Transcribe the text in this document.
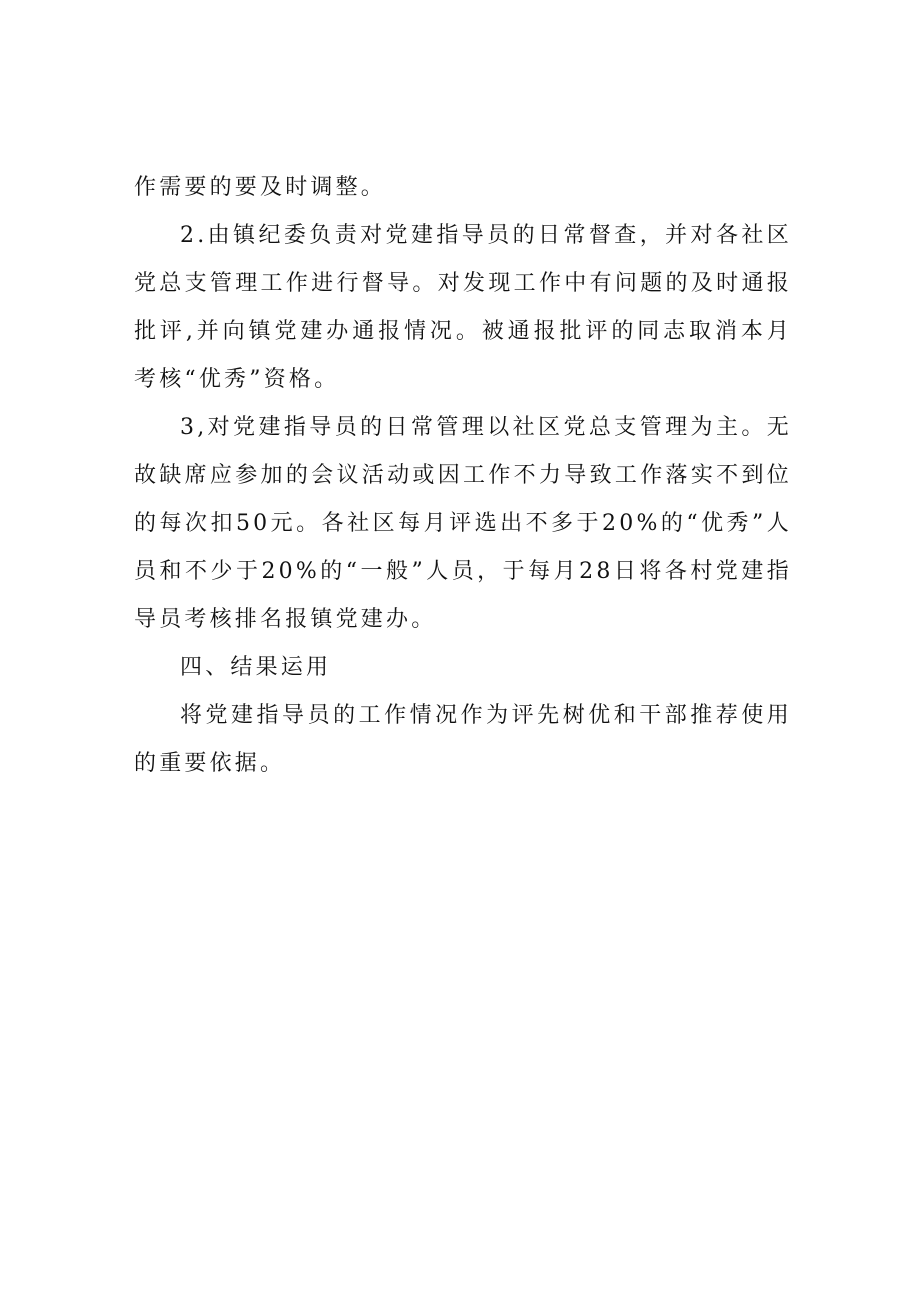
作需要的要及时调整。

2.由镇纪委负责对党建指导员的日常督查，并对各社区党总支管理工作进行督导。对发现工作中有问题的及时通报批评,并向镇党建办通报情况。被通报批评的同志取消本月考核“优秀”资格。

3,对党建指导员的日常管理以社区党总支管理为主。无故缺席应参加的会议活动或因工作不力导致工作落实不到位的每次扣50元。各社区每月评选出不多于20%的“优秀”人员和不少于20%的“一般”人员，于每月28日将各村党建指导员考核排名报镇党建办。

四、结果运用

将党建指导员的工作情况作为评先树优和干部推荐使用的重要依据。
